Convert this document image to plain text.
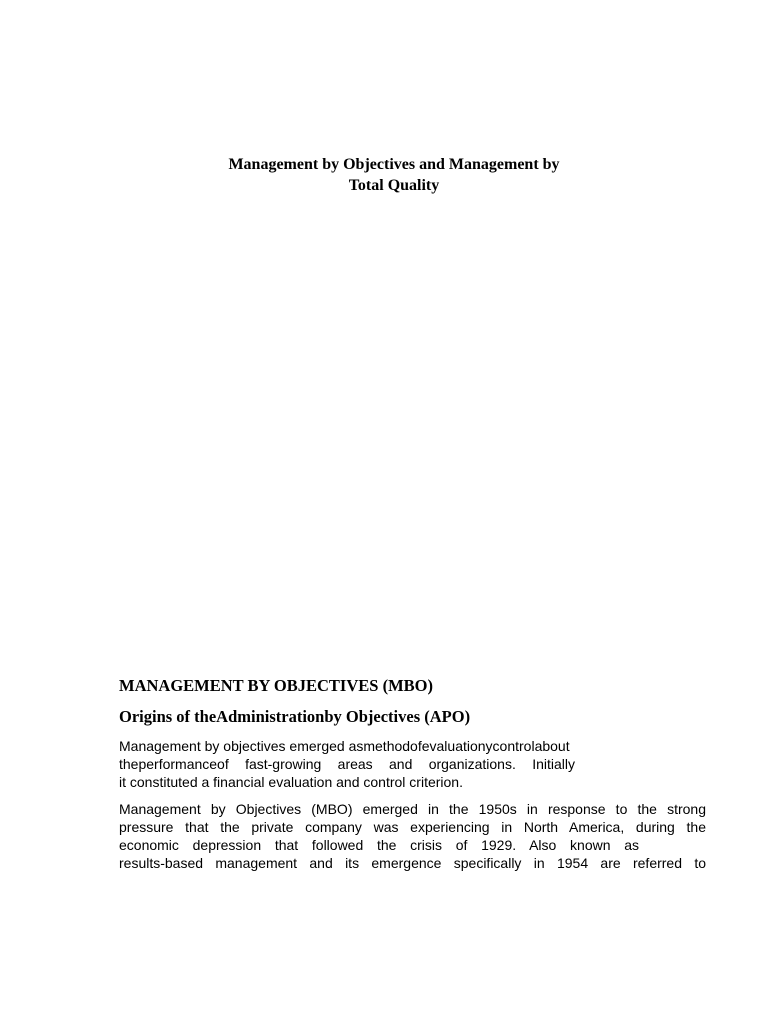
Management by Objectives and Management by
Total Quality
MANAGEMENT BY OBJECTIVES (MBO)
Origins of theAdministrationby Objectives (APO)
Management by objectives emerged asmethodofevaluationycontrolabout
theperformanceof fast-growing areas and organizations. Initially
it constituted a financial evaluation and control criterion.
Management by Objectives (MBO) emerged in the 1950s in response to the strong
pressure that the private company was experiencing in North America, during the
economic depression that followed the crisis of 1929. Also known as
results-based management and its emergence specifically in 1954 are referred to
